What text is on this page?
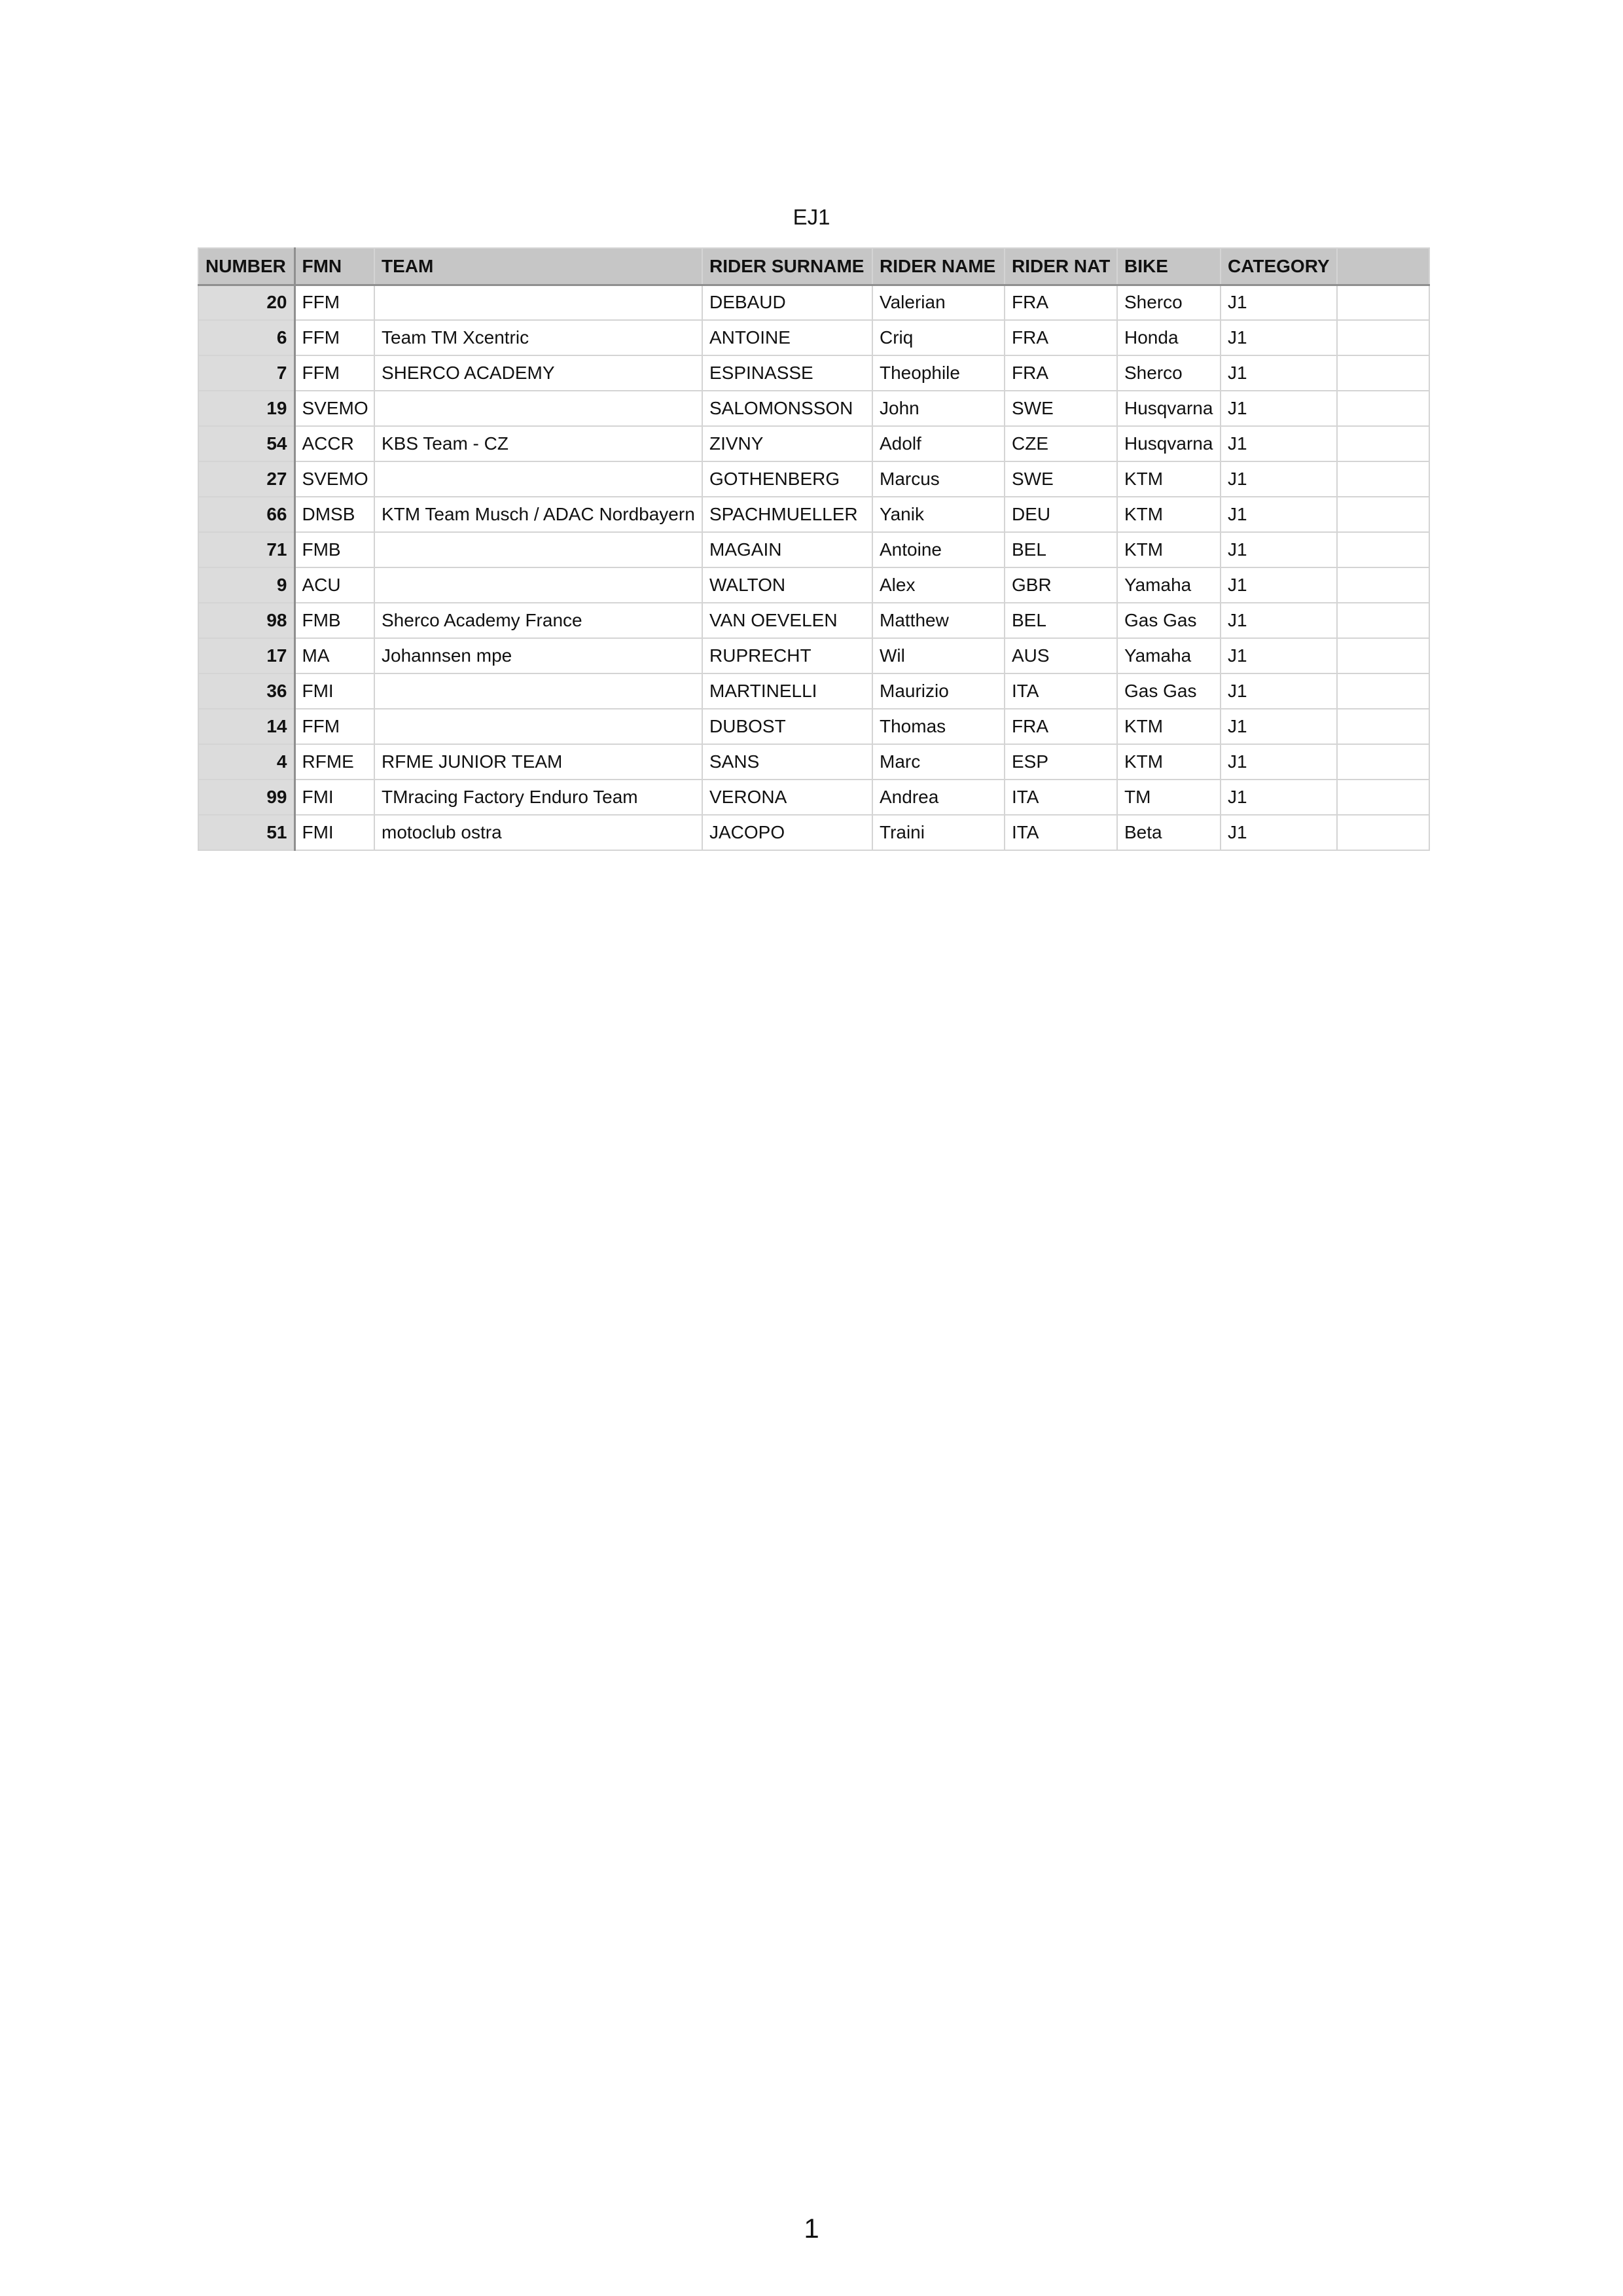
EJ1
NUMBER	FMN	TEAM	RIDER SURNAME	RIDER NAME	RIDER NAT	BIKE	CATEGORY	
20	FFM		DEBAUD	Valerian	FRA	Sherco	J1	
6	FFM	Team TM Xcentric	ANTOINE	Criq	FRA	Honda	J1	
7	FFM	SHERCO ACADEMY	ESPINASSE	Theophile	FRA	Sherco	J1	
19	SVEMO		SALOMONSSON	John	SWE	Husqvarna	J1	
54	ACCR	KBS Team - CZ	ZIVNY	Adolf	CZE	Husqvarna	J1	
27	SVEMO		GOTHENBERG	Marcus	SWE	KTM	J1	
66	DMSB	KTM Team Musch / ADAC Nordbayern	SPACHMUELLER	Yanik	DEU	KTM	J1	
71	FMB		MAGAIN	Antoine	BEL	KTM	J1	
9	ACU		WALTON	Alex	GBR	Yamaha	J1	
98	FMB	Sherco Academy France	VAN OEVELEN	Matthew	BEL	Gas Gas	J1	
17	MA	Johannsen mpe	RUPRECHT	Wil	AUS	Yamaha	J1	
36	FMI		MARTINELLI	Maurizio	ITA	Gas Gas	J1	
14	FFM		DUBOST	Thomas	FRA	KTM	J1	
4	RFME	RFME JUNIOR TEAM	SANS	Marc	ESP	KTM	J1	
99	FMI	TMracing Factory Enduro Team	VERONA	Andrea	ITA	TM	J1	
51	FMI	motoclub ostra	JACOPO	Traini	ITA	Beta	J1	
1
